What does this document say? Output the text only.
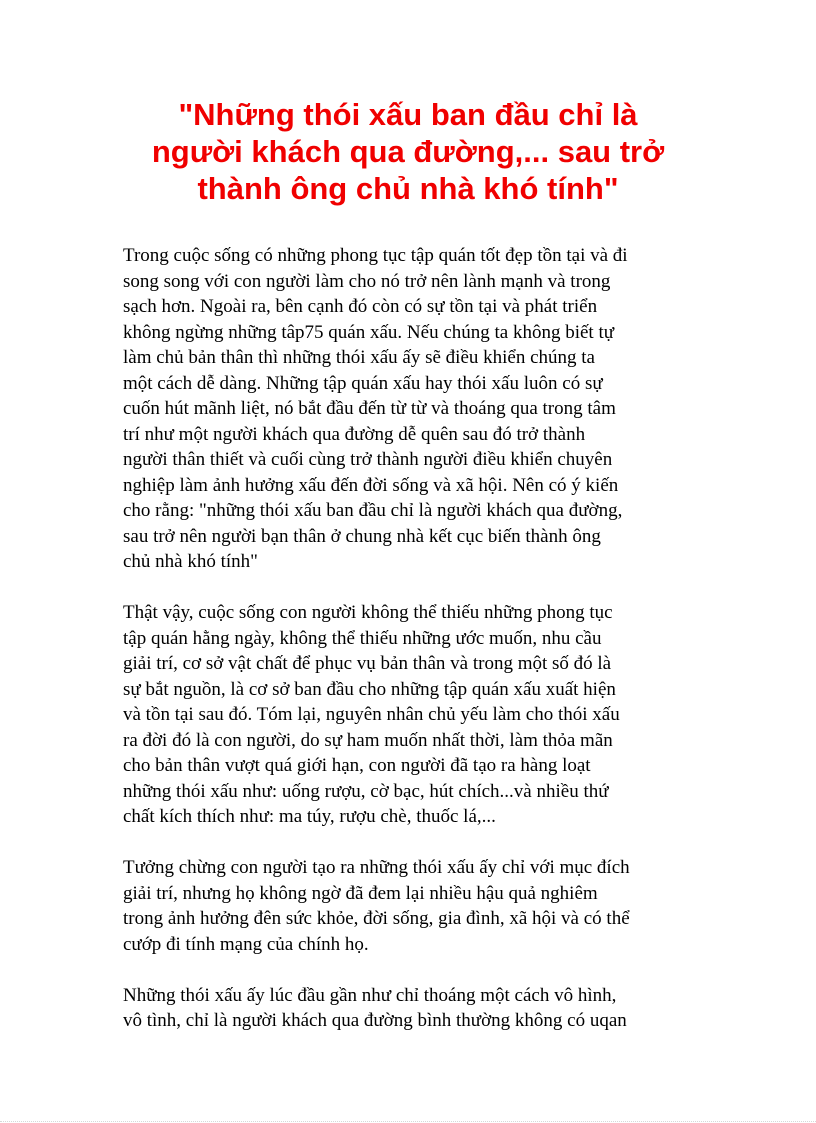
"Những thói xấu ban đầu chỉ là
người khách qua đường,... sau trở
thành ông chủ nhà khó tính"

Trong cuộc sống có những phong tục tập quán tốt đẹp tồn tại và đi
song song với con người làm cho nó trở nên lành mạnh và trong
sạch hơn. Ngoài ra, bên cạnh đó còn có sự tồn tại và phát triển
không ngừng những tâp75 quán xấu. Nếu chúng ta không biết tự
làm chủ bản thân thì những thói xấu ấy sẽ điều khiển chúng ta
một cách dễ dàng. Những tập quán xấu hay thói xấu luôn có sự
cuốn hút mãnh liệt, nó bắt đầu đến từ từ và thoáng qua trong tâm
trí như một người khách qua đường dễ quên sau đó trở thành
người thân thiết và cuối cùng trở thành người điều khiển chuyên
nghiệp làm ảnh hưởng xấu đến đời sống và xã hội. Nên có ý kiến
cho rằng: "những thói xấu ban đầu chỉ là người khách qua đường,
sau trở nên người bạn thân ở chung nhà kết cục biến thành ông
chủ nhà khó tính"

Thật vậy, cuộc sống con người không thể thiếu những phong tục
tập quán hằng ngày, không thể thiếu những ước muốn, nhu cầu
giải trí, cơ sở vật chất để phục vụ bản thân và trong một số đó là
sự bắt nguồn, là cơ sở ban đầu cho những tập quán xấu xuất hiện
và tồn tại sau đó. Tóm lại, nguyên nhân chủ yếu làm cho thói xấu
ra đời đó là con người, do sự ham muốn nhất thời, làm thỏa mãn
cho bản thân vượt quá giới hạn, con người đã tạo ra hàng loạt
những thói xấu như: uống rượu, cờ bạc, hút chích...và nhiều thứ
chất kích thích như: ma túy, rượu chè, thuốc lá,...

Tưởng chừng con người tạo ra những thói xấu ấy chỉ với mục đích
giải trí, nhưng họ không ngờ đã đem lại nhiều hậu quả nghiêm
trong ảnh hưởng đên sức khỏe, đời sống, gia đình, xã hội và có thể
cướp đi tính mạng của chính họ.

Những thói xấu ấy lúc đầu gần như chỉ thoáng một cách vô hình,
vô tình, chỉ là người khách qua đường bình thường không có uqan
